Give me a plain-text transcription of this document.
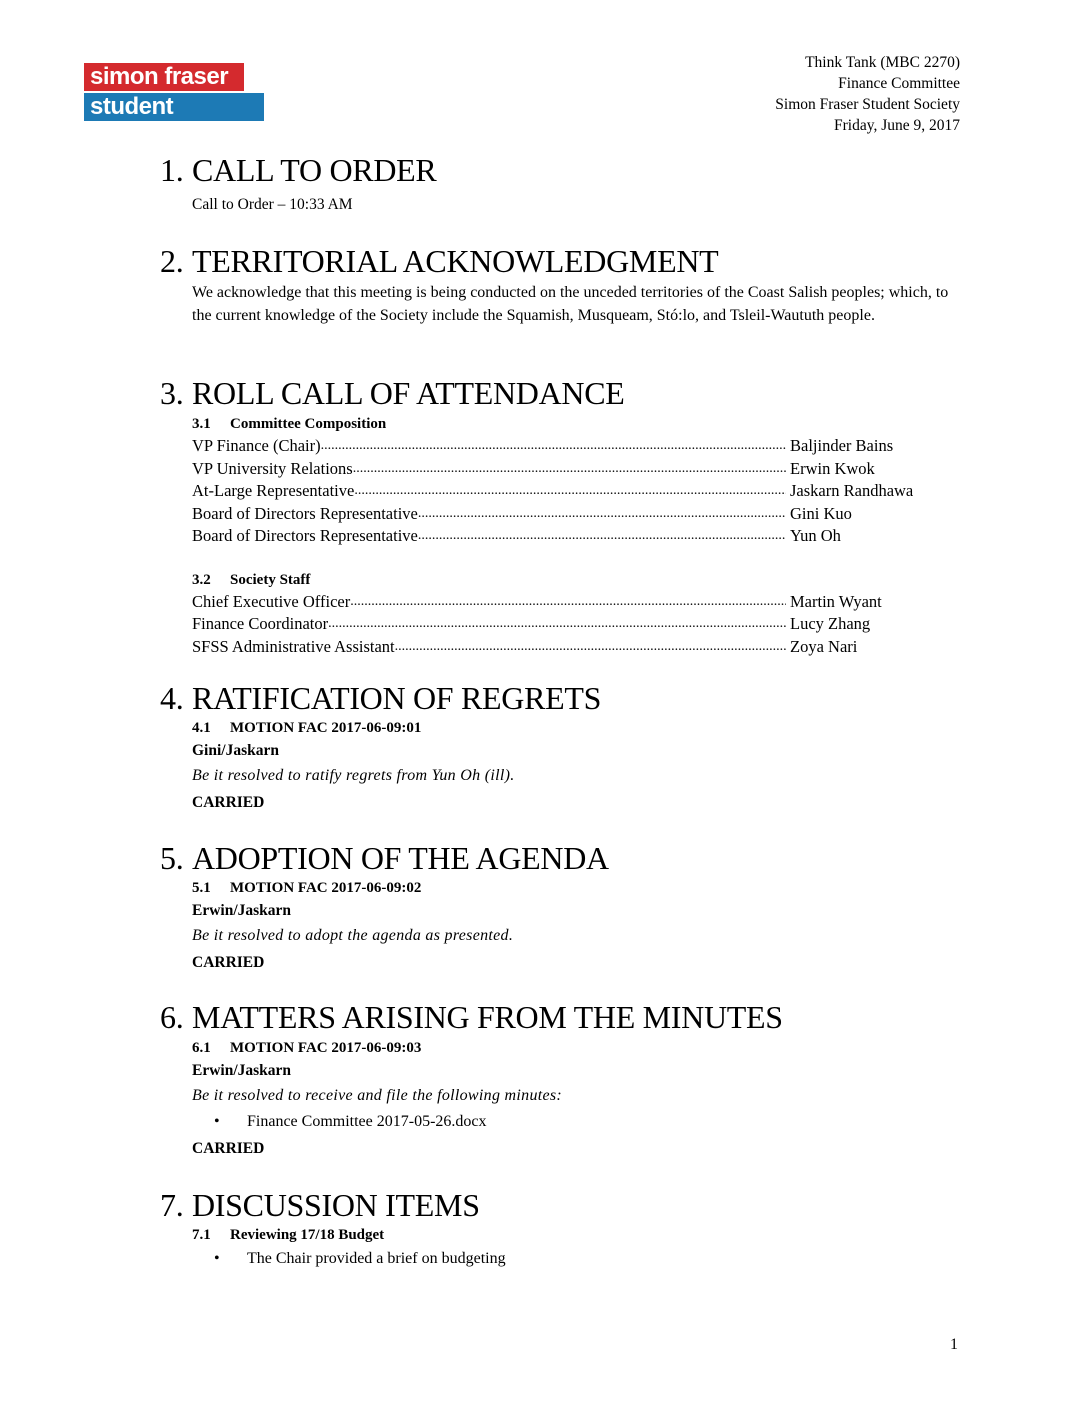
simon fraser
student society
Think Tank (MBC 2270)
Finance Committee
Simon Fraser Student Society
Friday, June 9, 2017
1. CALL TO ORDER
Call to Order – 10:33 AM
2. TERRITORIAL ACKNOWLEDGMENT
We acknowledge that this meeting is being conducted on the unceded territories of the Coast Salish peoples; which, to the current knowledge of the Society include the Squamish, Musqueam, Stó:lo, and Tsleil-Waututh people.
3. ROLL CALL OF ATTENDANCE
3.1 Committee Composition
VP Finance (Chair) .....	Baljinder Bains
VP University Relations .....	Erwin Kwok
At-Large Representative .....	Jaskarn Randhawa
Board of Directors Representative .....	Gini Kuo
Board of Directors Representative .....	Yun Oh
3.2 Society Staff
Chief Executive Officer .....	Martin Wyant
Finance Coordinator .....	Lucy Zhang
SFSS Administrative Assistant .....	Zoya Nari
4. RATIFICATION OF REGRETS
4.1 MOTION FAC 2017-06-09:01
Gini/Jaskarn
Be it resolved to ratify regrets from Yun Oh (ill).
CARRIED
5. ADOPTION OF THE AGENDA
5.1 MOTION FAC 2017-06-09:02
Erwin/Jaskarn
Be it resolved to adopt the agenda as presented.
CARRIED
6. MATTERS ARISING FROM THE MINUTES
6.1 MOTION FAC 2017-06-09:03
Erwin/Jaskarn
Be it resolved to receive and file the following minutes:
•	Finance Committee 2017-05-26.docx
CARRIED
7. DISCUSSION ITEMS
7.1 Reviewing 17/18 Budget
•	The Chair provided a brief on budgeting
1
